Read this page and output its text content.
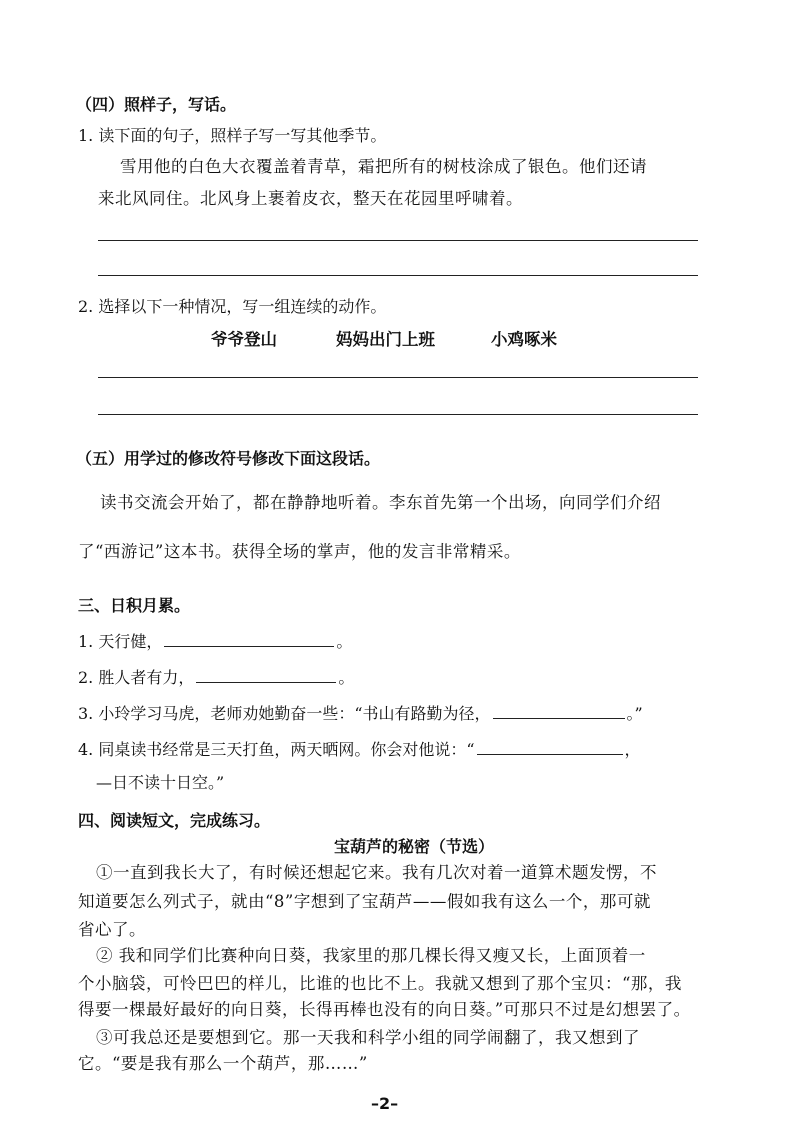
（四）照样子，写话。
1. 读下面的句子，照样子写一写其他季节。
雪用他的白色大衣覆盖着青草，霜把所有的树枝涂成了银色。他们还请
来北风同住。北风身上裹着皮衣，整天在花园里呼啸着。
2. 选择以下一种情况，写一组连续的动作。
爷爷登山	妈妈出门上班	小鸡啄米
（五）用学过的修改符号修改下面这段话。
读书交流会开始了，都在静静地听着。李东首先第一个出场，向同学们介绍
了“西游记”这本书。获得全场的掌声，他的发言非常精采。
三、日积月累。
1. 天行健，	。
2. 胜人者有力，	。
3. 小玲学习马虎，老师劝她勤奋一些：“书山有路勤为径，	。”
4. 同桌读书经常是三天打鱼，两天晒网。你会对他说：“	，
—日不读十日空。”
四、阅读短文，完成练习。
宝葫芦的秘密（节选）
①一直到我长大了，有时候还想起它来。我有几次对着一道算术题发愣，不
知道要怎么列式子，就由“8”字想到了宝葫芦——假如我有这么一个，那可就
省心了。
② 我和同学们比赛种向日葵，我家里的那几棵长得又瘦又长，上面顶着一
个小脑袋，可怜巴巴的样儿，比谁的也比不上。我就又想到了那个宝贝：“那，我
得要一棵最好最好的向日葵，长得再棒也没有的向日葵。”可那只不过是幻想罢了。
③可我总还是要想到它。那一天我和科学小组的同学闹翻了，我又想到了
它。“要是我有那么一个葫芦，那……”
–2–
